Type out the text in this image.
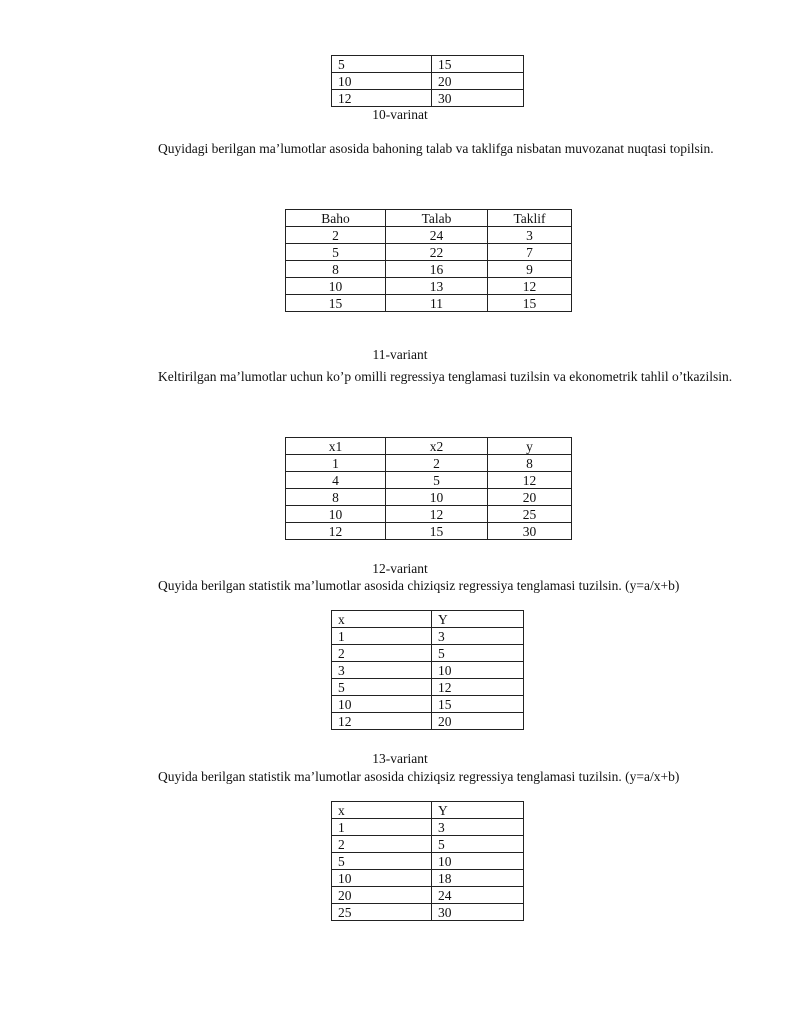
5	15
10	20
12	30
10-varinat
Quyidagi berilgan ma’lumotlar asosida bahoning talab va taklifga nisbatan muvozanat nuqtasi topilsin.
Baho	Talab	Taklif
2	24	3
5	22	7
8	16	9
10	13	12
15	11	15
11-variant
Keltirilgan ma’lumotlar uchun ko’p omilli regressiya tenglamasi tuzilsin va ekonometrik tahlil o’tkazilsin.
x1	x2	y
1	2	8
4	5	12
8	10	20
10	12	25
12	15	30
12-variant
Quyida berilgan statistik ma’lumotlar asosida chiziqsiz regressiya tenglamasi tuzilsin. (y=a/x+b)
x	Y
1	3
2	5
3	10
5	12
10	15
12	20
13-variant
Quyida berilgan statistik ma’lumotlar asosida chiziqsiz regressiya tenglamasi tuzilsin. (y=a/x+b)
x	Y
1	3
2	5
5	10
10	18
20	24
25	30
